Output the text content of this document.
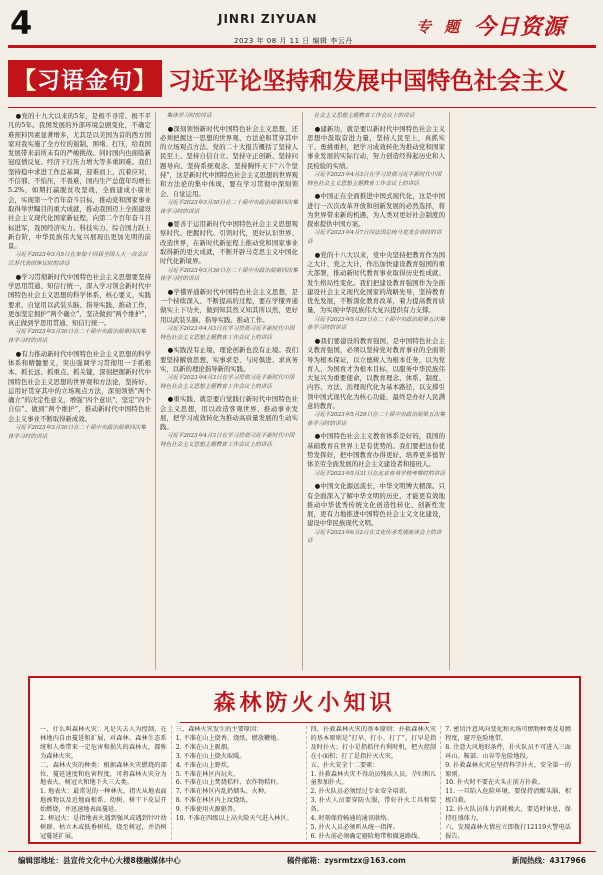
4	JINRI ZIYUAN
2023 年 08 月 11 日 编辑 李云丹
专 题 今日资源
【习语金句】 习近平论坚持和发展中国特色社会主义

●党的十九大以来的5年，是极不寻常、极不平凡的5年。我国发展的外部环境急剧变化，不确定难预料因素显著增多，尤其是以美国为首的西方国家对我实施了全方位的遏制、围堵、打压，给我国发展带来前所未有的严峻挑战。同时国内也面临新冠疫情反复、经济下行压力增大等多重困难。我们坚持稳中求进工作总基调，迎难而上，沉着应对，不信邪、不怕压，不畏难，国内生产总值年均增长5.2%，如期打赢脱贫攻坚战，全面建成小康社会，实现第一个百年奋斗目标，推动党和国家事业取得举世瞩目的重大成就，推动我国迈上全面建设社会主义现代化国家新征程，向第二个百年奋斗目标进军，我国经济实力、科技实力、综合国力跃上新台阶，中华民族伟大复兴展现出更加光明的前景。

习近平2023年3月5日在参加十四届全国人大一次会议江苏代表团审议时的讲话

●学习贯彻新时代中国特色社会主义思想要坚持学思用贯通、知信行统一，深入学习领会新时代中国特色社会主义思想的科学体系、核心要义、实践要求，自觉用以武装头脑、指导实践、推动工作，更加坚定拥护“两个确立”、坚决做到“两个维护”，真正做到学思用贯通、知信行统一。

习近平2023年3月30日在二十届中央政治局第四次集体学习时的讲话

●有力推动新时代中国特色社会主义思想的科学体系和精髓要义，突出强调学习贯彻用一手抓根本、抓长远、抓重点、抓关键，深刻把握新时代中国特色社会主义思想的世界观和方法论，坚持好、运用好贯穿其中的立场观点方法，深刻领悟“两个确立”的决定性意义，增强“四个意识”、坚定“四个自信”、做到“两个维护”，推动新时代中国特色社会主义事业不断取得新成效。

习近平2023年3月30日在二十届中央政治局第四次集体学习时的讲话

集体学习时的讲话

●深刻领悟新时代中国特色社会主义思想，还必须把握这一思想的世界观、方法论和贯穿其中的立场观点方法。党的二十大报告概括了坚持人民至上、坚持自信自立、坚持守正创新、坚持问题导向、坚持系统观念、坚持胸怀天下“六个坚持”，这是新时代中国特色社会主义思想的世界观和方法论的集中体现，要在学习贯彻中深刻领会、自觉运用。

习近平2023年3月30日在二十届中央政治局第四次集体学习时的讲话

●要善于运用新时代中国特色社会主义思想观察时代、把握时代、引领时代，更好认识世界、改造世界，在新时代新征程上推动党和国家事业取得新的更大成就，不断开辟马克思主义中国化时代化新境界。

习近平2023年3月30日在二十届中央政治局第四次集体学习时的讲话

●学懂弄通新时代中国特色社会主义思想，是一个持续深入、不断提高的过程，要在学懂弄通做实上下功夫，做到知其然又知其所以然，更好用以武装头脑、指导实践、推动工作。

习近平2023年4月3日在学习贯彻习近平新时代中国特色社会主义思想主题教育工作会议上的讲话

●实践没有止境，理论创新也没有止境。我们要坚持解放思想、实事求是、与时俱进、求真务实，以新的理论指导新的实践。

习近平2023年4月3日在学习贯彻习近平新时代中国特色社会主义思想主题教育工作会议上的讲话

●重实践，就是要自觉践行新时代中国特色社会主义思想，用以改造客观世界、推动事业发展，把学习成效转化为推动高质量发展的生动实践。

习近平2023年4月3日在学习贯彻习近平新时代中国特色社会主义思想主题教育工作会议上的讲话

社会主义思想主题教育工作会议上的讲话

●建新功，就是要以新时代中国特色社会主义思想中汲取奋进力量，坚持人民至上，真抓实干、勇挑重担，把学习成效转化为推动党和国家事业发展的实际行动，努力创造经得起历史和人民检验的实绩。

习近平2023年4月3日在学习贯彻习近平新时代中国特色社会主义思想主题教育工作会议上的讲话

●中国正在全面推进中国式现代化，这是中国进行一次次改革开放和创新发展的必然选择，将为世界带来新的机遇，为人类对更好社会制度的探索提供中国方案。

习近平2023年4月7日同法国总统马克龙会谈时的讲话

●党的十八大以来，党中央坚持把教育作为国之大计、党之大计，作出加快建设教育强国的重大部署，推动新时代教育事业取得历史性成就、发生格局性变化。我们把建设教育强国作为全面建设社会主义现代化国家的战略先导，坚持教育优先发展，不断深化教育改革，着力提高教育质量，为实现中华民族伟大复兴提供有力支撑。

习近平2023年5月29日在二十届中央政治局第五次集体学习时的讲话

●我们要建设的教育强国，是中国特色社会主义教育强国，必须以坚持党对教育事业的全面领导为根本保证，以立德树人为根本任务，以为党育人、为国育才为根本目标，以服务中华民族伟大复兴为重要使命，以教育理念、体系、制度、内容、方法、治理现代化为基本路径，以支撑引领中国式现代化为核心功能，最终是办好人民满意的教育。

习近平2023年5月29日在二十届中央政治局第五次集体学习时的讲话

●中国特色社会主义教育体系是好的，我国的基础教育在世界上是有优势的。我们要把这份优势发挥好，把中国教育办得更好，培养更多德智体美劳全面发展的社会主义建设者和接班人。

习近平2023年5月31日在北京育英学校考察时的讲话

●中国文化源远流长，中华文明博大精深。只有全面深入了解中华文明的历史，才能更有效地推动中华优秀传统文化创造性转化、创新性发展，更有力地推进中国特色社会主义文化建设，建设中华民族现代文明。

习近平2023年6月2日在文化传承发展座谈会上的讲话

森林防火小知识

一、什么叫森林火灾：凡是失去人为控制，在林地内自由蔓延和扩展，对森林、森林生态系统和人类带来一定危害和损失的森林火，都称为森林火灾。

二、森林火灾的种类：根据森林火灾燃烧的部位、蔓延速度和危害程度，可将森林火灾分为地表火、树冠火和地下火三大类。

1. 地表火：最常见的一种林火，指火从地表面地被物以及近地面根系、幼树、树干下皮层开始燃烧，并迅速地表面蔓延。

2. 树冠火：是指地表火遇到强风或遇到针叶幼树群、枯立木或低垂树枝，烧至树冠，并沿树冠蔓延扩展。

三、森林火灾发生的主要原因：

1. 不准在山上烧香、烧纸、燃放鞭炮。

2. 不准在山上吸烟。

3. 不准在山上烧火取暖。

4. 不准在山上野炊。

5. 不准在林区内玩火。

6. 不准在山上焚烧秸秆、农作物秸秆。

7. 不准在林区内乱扔烟头、火种。

8. 不准在林区内上坟烧纸。

9. 不准使用火源驱兽。

10. 不准在四级以上高火险天气进入林区。

四、扑救森林火灾的基本原则：扑救森林火灾的基本原则是“打早、打小、打了”。打早是指及时扑火；打小是指抓住有利时机，把火控制在小面积；打了是指扑灭火灾。

五、扑火安全十二要素：

1. 扑救森林火灾不得动员残疾人员、孕妇和儿童参加扑火。

2. 扑火队员必须经过专业安全培训。

3. 扑火人员要穿防火服，带好扑火工具和装备。

4. 时刻保持畅通的通讯联络。

5. 扑火人员必须听从统一指挥。

6. 扑火前必须确定避险地带和撤退路线。

7. 密切注意风向变化和火场可燃物种类及易燃程度，避开危险地带。

8. 注意大风地形条件，扑火队员不可进入三面环山、鞍部、山谷等危险地段。

9. 扑救森林火灾应坚持科学扑火、安全第一的原则。

10. 扑火时不要在火头正前方扑救。

11. 一旦陷入危险环境，要保持清醒头脑，积极自救。

12. 扑火队员体力消耗极大，要适时休息，保持旺盛体力。

六、发现森林火情应立即拨打12119火警电话报告。

编辑部地址：县宣传文化中心大楼8楼融媒体中心	稿件邮箱：zysrmtzx@163.com	新闻热线：4317966
